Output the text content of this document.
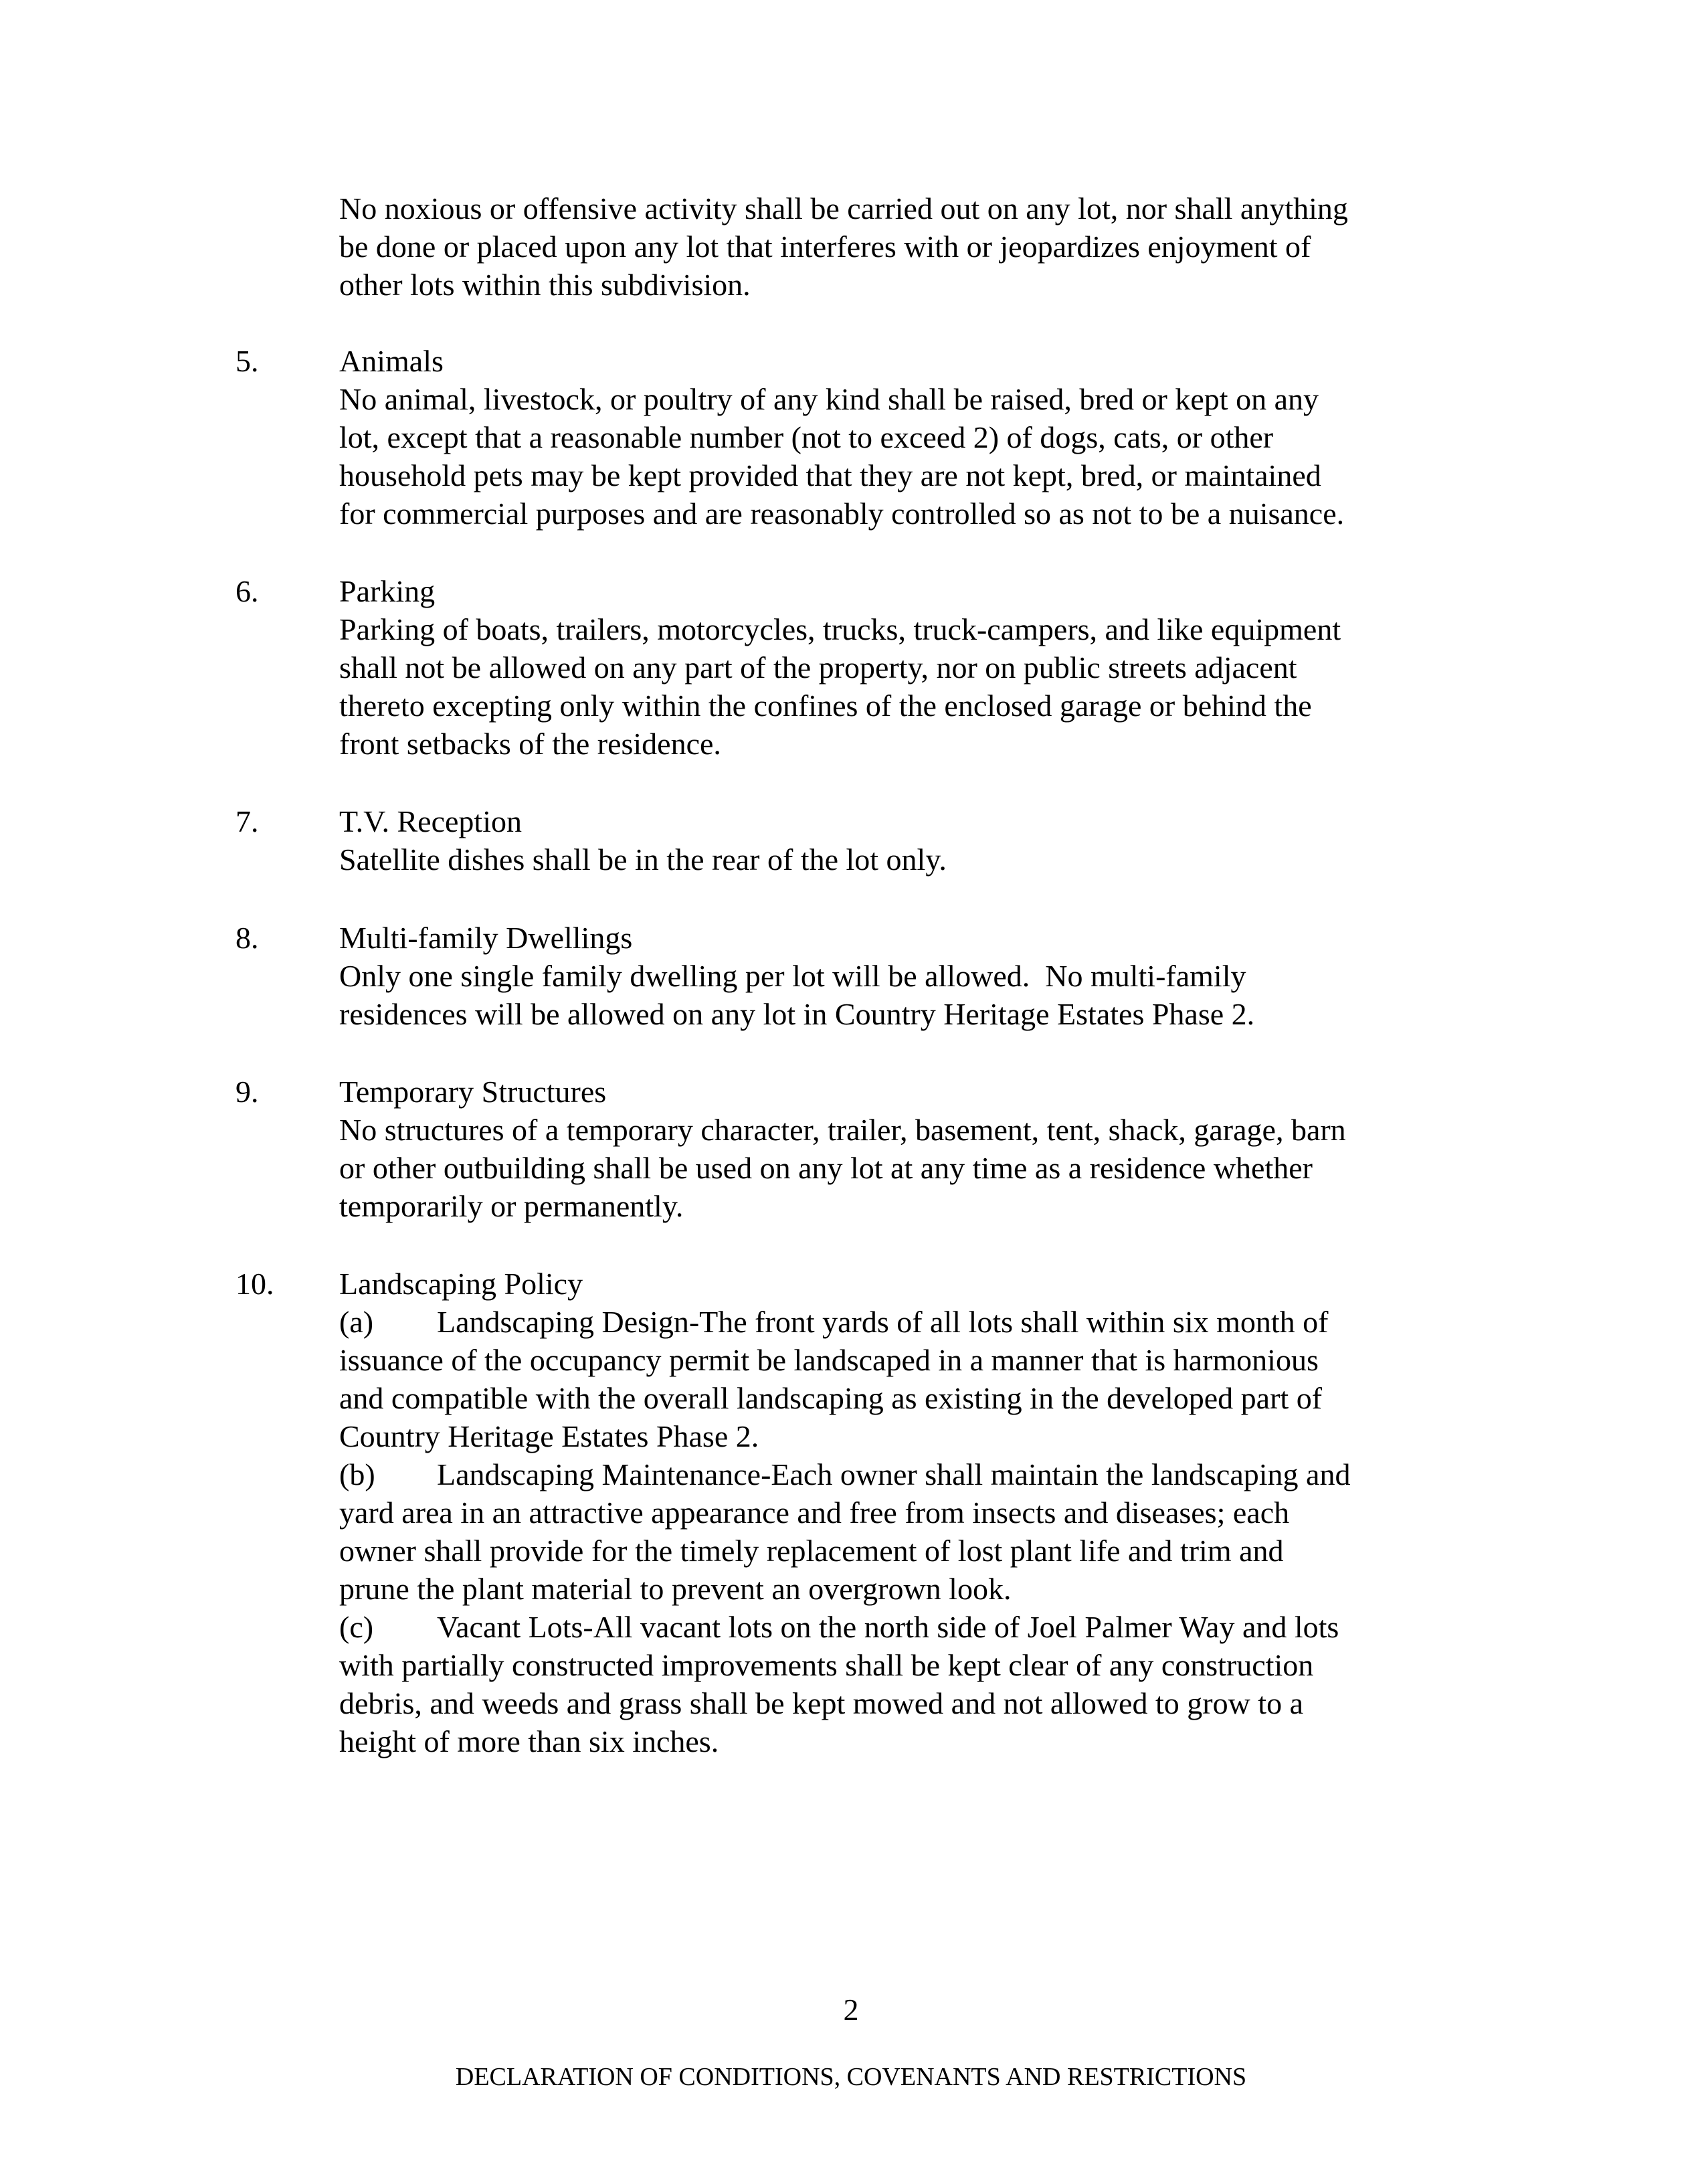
No noxious or offensive activity shall be carried out on any lot, nor shall anything
be done or placed upon any lot that interferes with or jeopardizes enjoyment of
other lots within this subdivision.
5.	Animals
No animal, livestock, or poultry of any kind shall be raised, bred or kept on any
lot, except that a reasonable number (not to exceed 2) of dogs, cats, or other
household pets may be kept provided that they are not kept, bred, or maintained
for commercial purposes and are reasonably controlled so as not to be a nuisance.
6.	Parking
Parking of boats, trailers, motorcycles, trucks, truck-campers, and like equipment
shall not be allowed on any part of the property, nor on public streets adjacent
thereto excepting only within the confines of the enclosed garage or behind the
front setbacks of the residence.
7.	T.V. Reception
Satellite dishes shall be in the rear of the lot only.
8.	Multi-family Dwellings
Only one single family dwelling per lot will be allowed.  No multi-family
residences will be allowed on any lot in Country Heritage Estates Phase 2.
9.	Temporary Structures
No structures of a temporary character, trailer, basement, tent, shack, garage, barn
or other outbuilding shall be used on any lot at any time as a residence whether
temporarily or permanently.
10. Landscaping Policy
(a) Landscaping Design-The front yards of all lots shall within six month of
issuance of the occupancy permit be landscaped in a manner that is harmonious
and compatible with the overall landscaping as existing in the developed part of
Country Heritage Estates Phase 2.
(b) Landscaping Maintenance-Each owner shall maintain the landscaping and
yard area in an attractive appearance and free from insects and diseases; each
owner shall provide for the timely replacement of lost plant life and trim and
prune the plant material to prevent an overgrown look.
(c) Vacant Lots-All vacant lots on the north side of Joel Palmer Way and lots
with partially constructed improvements shall be kept clear of any construction
debris, and weeds and grass shall be kept mowed and not allowed to grow to a
height of more than six inches.
2
DECLARATION OF CONDITIONS, COVENANTS AND RESTRICTIONS
